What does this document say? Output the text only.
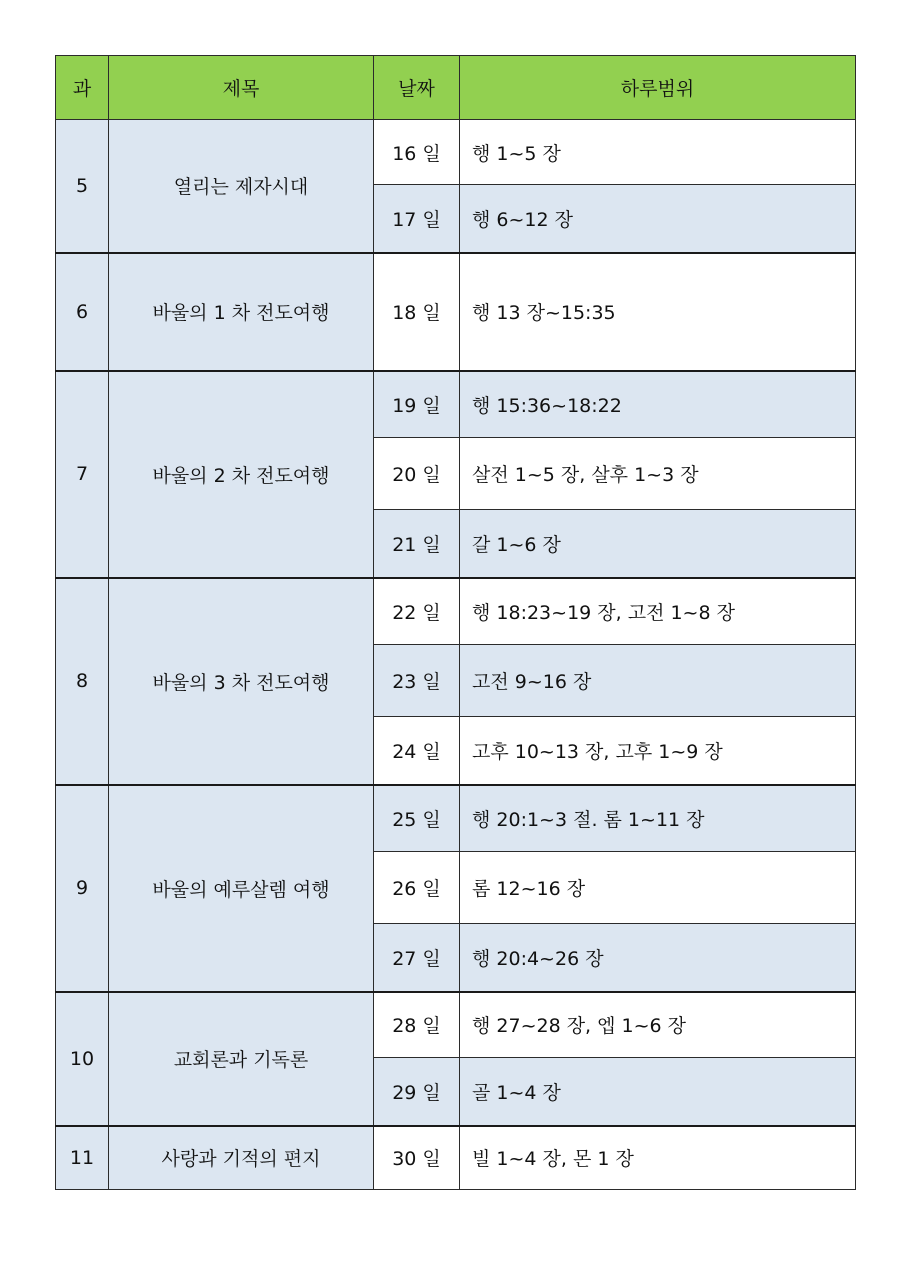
과	제목	날짜	하루범위
5	열리는 제자시대	16 일	행 1~5 장
		17 일	행 6~12 장
6	바울의 1 차 전도여행	18 일	행 13 장~15:35
7	바울의 2 차 전도여행	19 일	행 15:36~18:22
		20 일	살전 1~5 장, 살후 1~3 장
		21 일	갈 1~6 장
8	바울의 3 차 전도여행	22 일	행 18:23~19 장, 고전 1~8 장
		23 일	고전 9~16 장
		24 일	고후 10~13 장, 고후 1~9 장
9	바울의 예루살렘 여행	25 일	행 20:1~3 절. 롬 1~11 장
		26 일	롬 12~16 장
		27 일	행 20:4~26 장
10	교회론과 기독론	28 일	행 27~28 장, 엡 1~6 장
		29 일	골 1~4 장
11	사랑과 기적의 편지	30 일	빌 1~4 장, 몬 1 장
